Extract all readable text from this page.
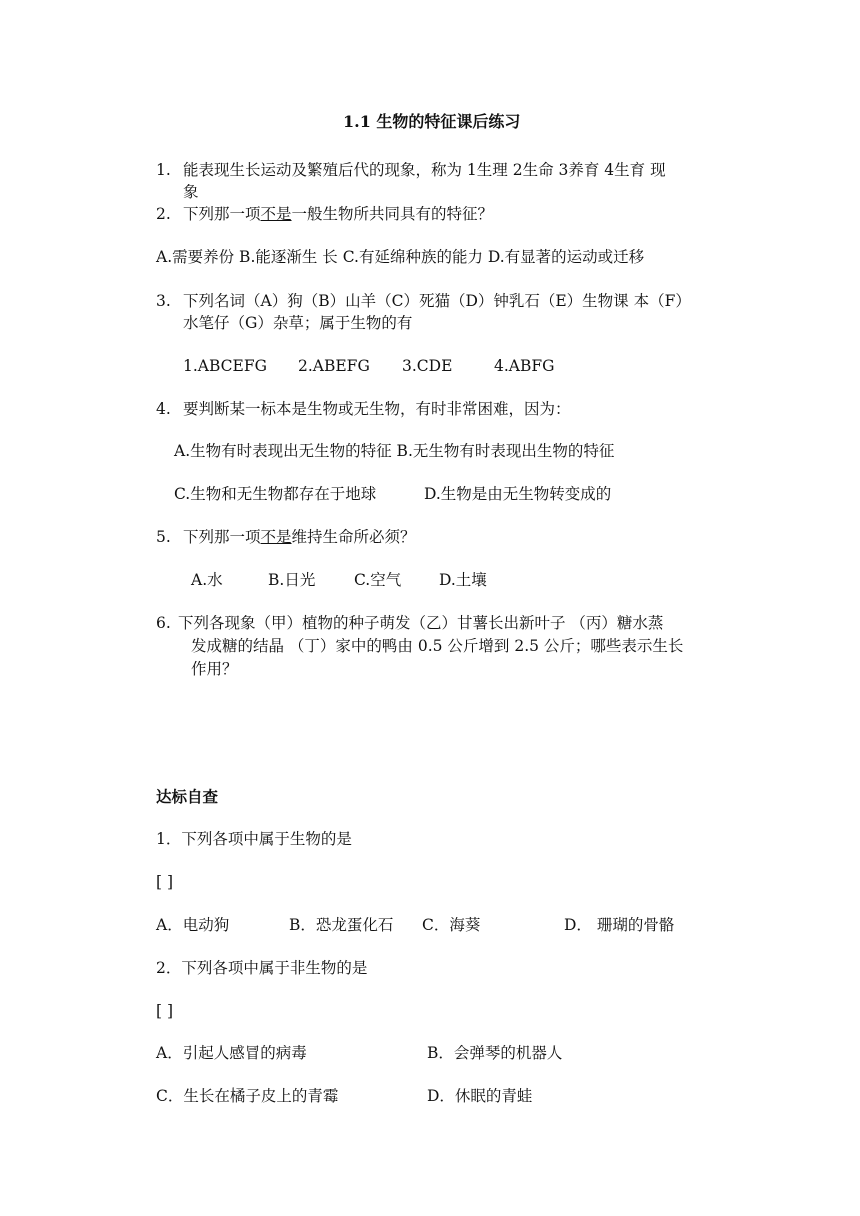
1.1 生物的特征课后练习
1. 能表现生长运动及繁殖后代的现象，称为 1生理 2生命 3养育 4生育 现
象
2. 下列那一项不是一般生物所共同具有的特征？
A.需要养份 B.能逐渐生 长 C.有延绵种族的能力 D.有显著的运动或迁移
3. 下列名词（A）狗（B）山羊（C）死猫（D）钟乳石（E）生物课 本（F）
水笔仔（G）杂草；属于生物的有
1.ABCEFG 2.ABEFG 3.CDE	4.ABFG
4. 要判断某一标本是生物或无生物，有时非常困难，因为：
A.生物有时表现出无生物的特征 B.无生物有时表现出生物的特征
C.生物和无生物都存在于地球	D.生物是由无生物转变成的
5. 下列那一项不是维持生命所必须？
A.水	B.日光 C.空气 D.土壤
6. 下列各现象（甲）植物的种子萌发（乙）甘薯长出新叶子 （丙）糖水蒸
发成糖的结晶 （丁）家中的鸭由 0.5 公斤增到 2.5 公斤；哪些表示生长
作用？
达标自查
1．下列各项中属于生物的是
[ ]
A．电动狗	B．恐龙蛋化石 C．海葵	D． 珊瑚的骨骼
2．下列各项中属于非生物的是
[ ]
A．引起人感冒的病毒	B．会弹琴的机器人
C．生长在橘子皮上的青霉	D．休眠的青蛙
